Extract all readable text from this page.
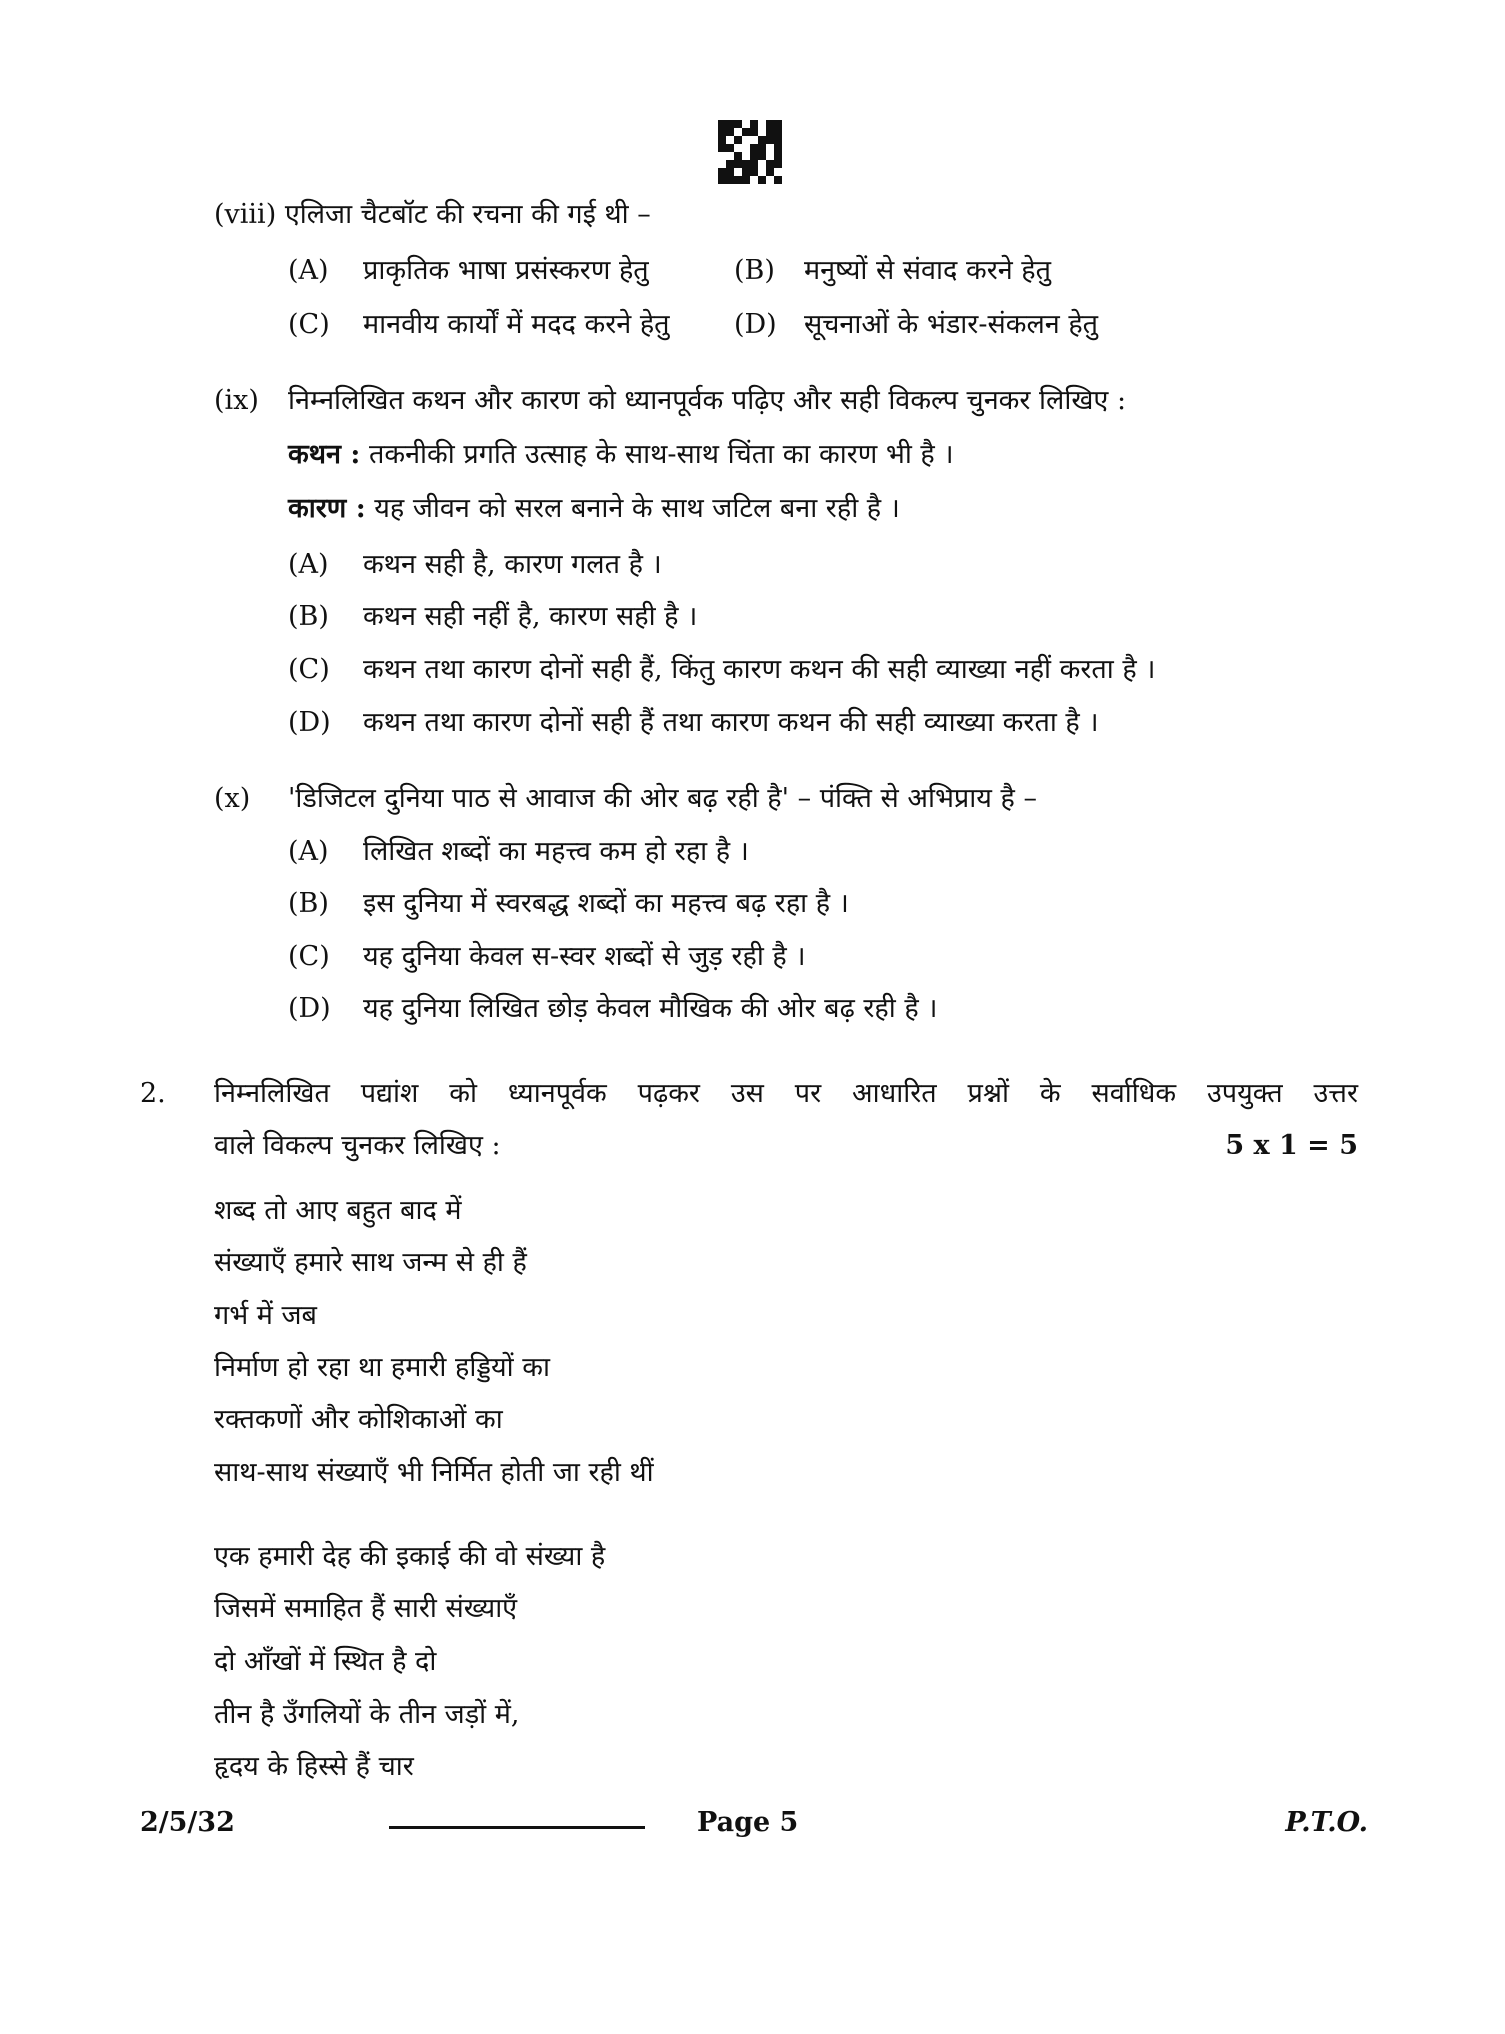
(viii) एलिजा चैटबॉट की रचना की गई थी –
(A) प्राकृतिक भाषा प्रसंस्करण हेतु	(B) मनुष्यों से संवाद करने हेतु
(C) मानवीय कार्यों में मदद करने हेतु (D) सूचनाओं के भंडार-संकलन हेतु
(ix) निम्नलिखित कथन और कारण को ध्यानपूर्वक पढ़िए और सही विकल्प चुनकर लिखिए :
कथन : तकनीकी प्रगति उत्साह के साथ-साथ चिंता का कारण भी है ।
कारण : यह जीवन को सरल बनाने के साथ जटिल बना रही है ।
(A) कथन सही है, कारण गलत है ।
(B) कथन सही नहीं है, कारण सही है ।
(C) कथन तथा कारण दोनों सही हैं, किंतु कारण कथन की सही व्याख्या नहीं करता है ।
(D) कथन तथा कारण दोनों सही हैं तथा कारण कथन की सही व्याख्या करता है ।
(x) 'डिजिटल दुनिया पाठ से आवाज की ओर बढ़ रही है' – पंक्ति से अभिप्राय है –
(A) लिखित शब्दों का महत्त्व कम हो रहा है ।
(B) इस दुनिया में स्वरबद्ध शब्दों का महत्त्व बढ़ रहा है ।
(C) यह दुनिया केवल स-स्वर शब्दों से जुड़ रही है ।
(D) यह दुनिया लिखित छोड़ केवल मौखिक की ओर बढ़ रही है ।
2. निम्नलिखित पद्यांश को ध्यानपूर्वक पढ़कर उस पर आधारित प्रश्नों के सर्वाधिक उपयुक्त उत्तर
वाले विकल्प चुनकर लिखिए :	5 x 1 = 5
शब्द तो आए बहुत बाद में
संख्याएँ हमारे साथ जन्म से ही हैं
गर्भ में जब
निर्माण हो रहा था हमारी हड्डियों का
रक्तकणों और कोशिकाओं का
साथ-साथ संख्याएँ भी निर्मित होती जा रही थीं
एक हमारी देह की इकाई की वो संख्या है
जिसमें समाहित हैं सारी संख्याएँ
दो आँखों में स्थित है दो
तीन है उँगलियों के तीन जड़ों में,
हृदय के हिस्से हैं चार
2/5/32	Page 5	P.T.O.
